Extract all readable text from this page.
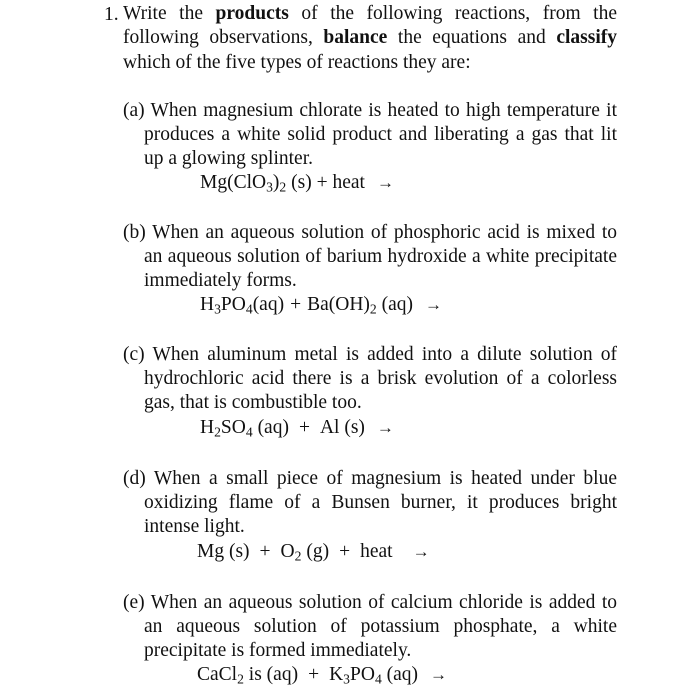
1. Write the products of the following reactions, from the
following observations, balance the equations and classify
which of the five types of reactions they are:
(a) When magnesium chlorate is heated to high temperature it produces a white solid product and liberating a gas that lit up a glowing splinter.
$Mg(ClO_3)_2$ (s) + heat →
(b) When an aqueous solution of phosphoric acid is mixed to an aqueous solution of barium hydroxide a white precipitate immediately forms.
$H_3PO_4(aq) + Ba(OH)_2$ (aq) →
(c) When aluminum metal is added into a dilute solution of hydrochloric acid there is a brisk evolution of a colorless gas, that is combustible too.
$H_2SO_4$ (aq) + Al (s) →
(d) When a small piece of magnesium is heated under blue oxidizing flame of a Bunsen burner, it produces bright intense light.
Mg $(s) + O_2$ (g) + heat →
(e) When an aqueous solution of calcium chloride is added to an aqueous solution of potassium phosphate, a white precipitate is formed immediately.
CaCl$_2$ is $(aq) + K_3PO_4$ (aq) →
